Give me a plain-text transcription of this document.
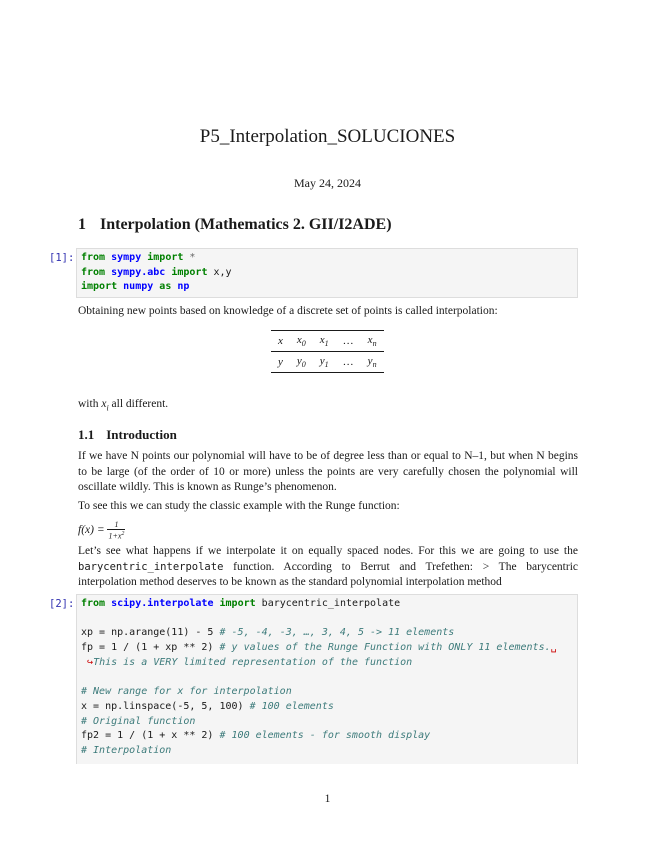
P5_Interpolation_SOLUCIONES
May 24, 2024
1 Interpolation (Mathematics 2. GII/I2ADE)
[1]: from sympy import *
from sympy.abc import x,y
import numpy as np
Obtaining new points based on knowledge of a discrete set of points is called interpolation:
x	$x_0$	$x_1$	…	$x_n$
y	$y_0$	$y_1$	…	$y_n$
with $x_i$ all different.
1.1 Introduction
If we have N points our polynomial will have to be of degree less than or equal to N–1, but when N begins to be large (of the order of 10 or more) unless the points are very carefully chosen the polynomial will oscillate wildly. This is known as Runge’s phenomenon.
To see this we can study the classic example with the Runge function:
$f(x) = \frac{1}{1+x^2}$
Let’s see what happens if we interpolate it on equally spaced nodes. For this we are going to use the barycentric_interpolate function. According to Berrut and Trefethen: > The barycentric interpolation method deserves to be known as the standard polynomial interpolation method
[2]: from scipy.interpolate import barycentric_interpolate

xp = np.arange(11) - 5 # -5, -4, -3, …, 3, 4, 5 -> 11 elements
fp = 1 / (1 + xp ** 2) # y values of the Runge Function with ONLY 11 elements.␣
↪This is a VERY limited representation of the function

# New range for x for interpolation
x = np.linspace(-5, 5, 100) # 100 elements
# Original function
fp2 = 1 / (1 + x ** 2) # 100 elements - for smooth display
# Interpolation
1
